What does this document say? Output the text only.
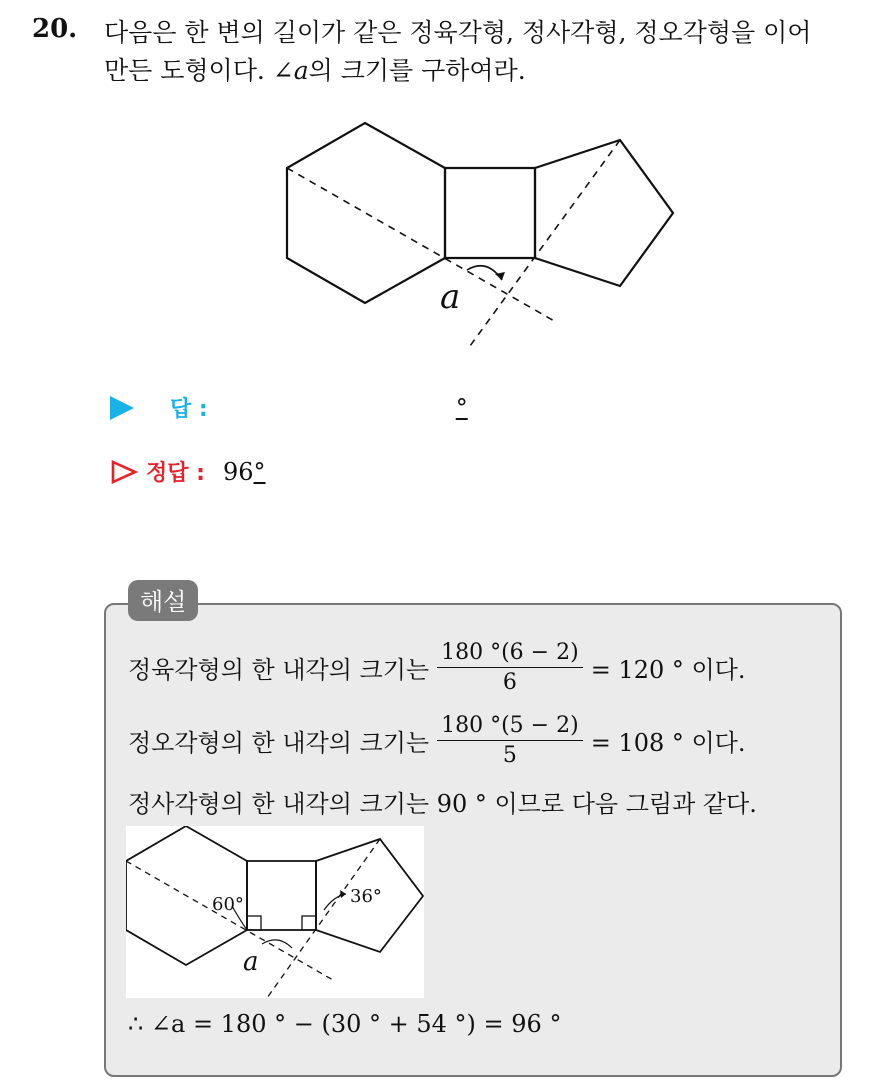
20. 다음은 한 변의 길이가 같은 정육각형, 정사각형, 정오각형을 이어
만든 도형이다. ∠a의 크기를 구하여라.
a
답 :	°
정답 : 96 °
해설
정육각형의 한 내각의 크기는 $\frac{180 ^\circ(6 - 2)}{6} = 120$ ° 이다.
정오각형의 한 내각의 크기는 $\frac{180 ^\circ(5 - 2)}{5} = 108$ ° 이다.
정사각형의 한 내각의 크기는 90 ° 이므로 다음 그림과 같다.
60°	36°
a
∴ ∠a = 180 ° − (30 ° + 54 °) = 96 °
